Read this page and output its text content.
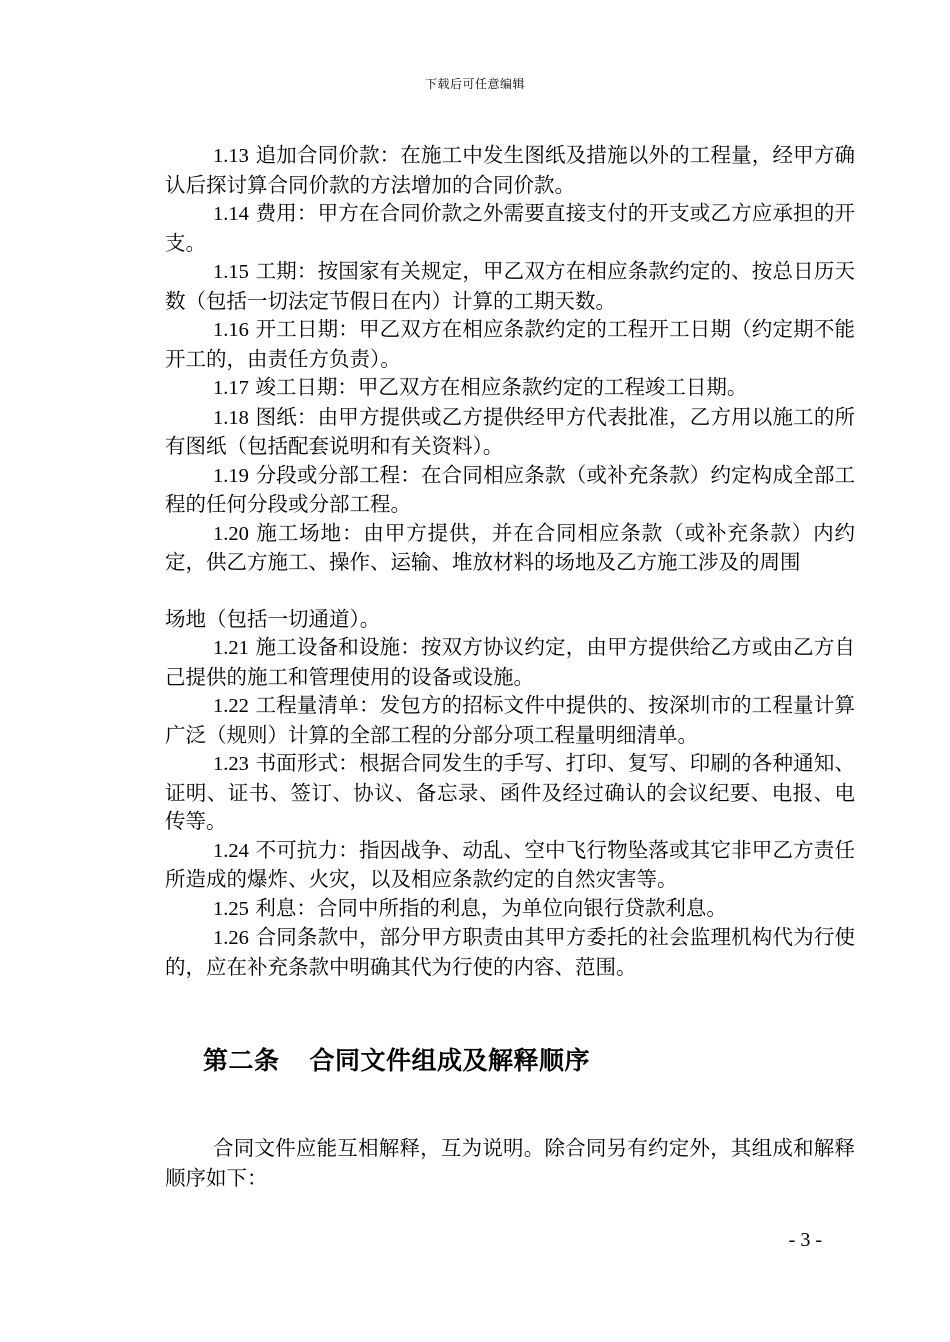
下载后可任意编辑

1.13 追加合同价款：在施工中发生图纸及措施以外的工程量，经甲方确认后探讨算合同价款的方法增加的合同价款。

1.14 费用：甲方在合同价款之外需要直接支付的开支或乙方应承担的开支。

1.15 工期：按国家有关规定，甲乙双方在相应条款约定的、按总日历天数（包括一切法定节假日在内）计算的工期天数。

1.16 开工日期：甲乙双方在相应条款约定的工程开工日期（约定期不能开工的，由责任方负责）。

1.17 竣工日期：甲乙双方在相应条款约定的工程竣工日期。

1.18 图纸：由甲方提供或乙方提供经甲方代表批准，乙方用以施工的所有图纸（包括配套说明和有关资料）。

1.19 分段或分部工程：在合同相应条款（或补充条款）约定构成全部工程的任何分段或分部工程。

1.20 施工场地：由甲方提供，并在合同相应条款（或补充条款）内约定，供乙方施工、操作、运输、堆放材料的场地及乙方施工涉及的周围

场地（包括一切通道）。

1.21 施工设备和设施：按双方协议约定，由甲方提供给乙方或由乙方自己提供的施工和管理使用的设备或设施。

1.22 工程量清单：发包方的招标文件中提供的、按深圳市的工程量计算广泛（规则）计算的全部工程的分部分项工程量明细清单。

1.23 书面形式：根据合同发生的手写、打印、复写、印刷的各种通知、证明、证书、签订、协议、备忘录、函件及经过确认的会议纪要、电报、电传等。

1.24 不可抗力：指因战争、动乱、空中飞行物坠落或其它非甲乙方责任所造成的爆炸、火灾，以及相应条款约定的自然灾害等。

1.25 利息：合同中所指的利息，为单位向银行贷款利息。

1.26 合同条款中，部分甲方职责由其甲方委托的社会监理机构代为行使的，应在补充条款中明确其代为行使的内容、范围。

第二条 合同文件组成及解释顺序

合同文件应能互相解释，互为说明。除合同另有约定外，其组成和解释顺序如下：

- 3 -
